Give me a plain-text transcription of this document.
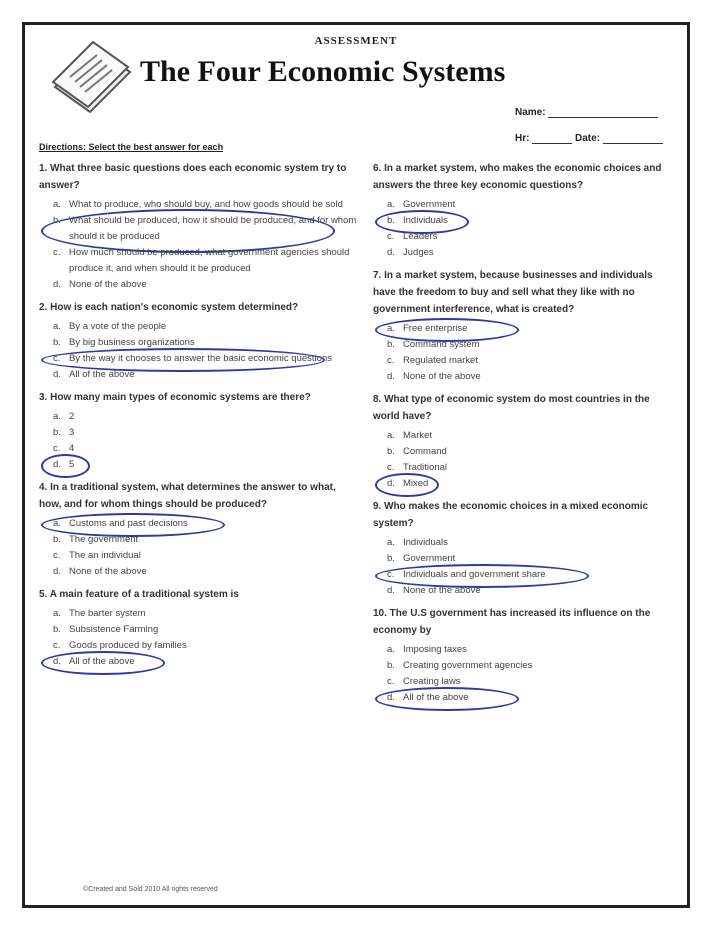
ASSESSMENT
The Four Economic Systems
Name:
Hr:	Date:
Directions: Select the best answer for each
1. What three basic questions does each economic system try to answer?
a. What to produce, who should buy, and how goods should be sold
b. What should be produced, how it should be produced, and for whom should it be produced
c. How much should be produced, what government agencies should produce it, and when should it be produced
d. None of the above
2. How is each nation's economic system determined?
a. By a vote of the people
b. By big business organizations
c. By the way it chooses to answer the basic economic questions
d. All of the above
3. How many main types of economic systems are there?
a. 2
b. 3
c. 4
d. 5
4. In a traditional system, what determines the answer to what, how, and for whom things should be produced?
a. Customs and past decisions
b. The government
c. The an individual
d. None of the above
5. A main feature of a traditional system is
a. The barter system
b. Subsistence Farming
c. Goods produced by families
d. All of the above
6. In a market system, who makes the economic choices and answers the three key economic questions?
a. Government
b. Individuals
c. Leaders
d. Judges
7. In a market system, because businesses and individuals have the freedom to buy and sell what they like with no government interference, what is created?
a. Free enterprise
b. Command system
c. Regulated market
d. None of the above
8. What type of economic system do most countries in the world have?
a. Market
b. Command
c. Traditional
d. Mixed
9. Who makes the economic choices in a mixed economic system?
a. Individuals
b. Government
c. Individuals and government share
d. None of the above
10. The U.S government has increased its influence on the economy by
a. Imposing taxes
b. Creating government agencies
c. Creating laws
d. All of the above
©Created and Sold 2010 All rights reserved
